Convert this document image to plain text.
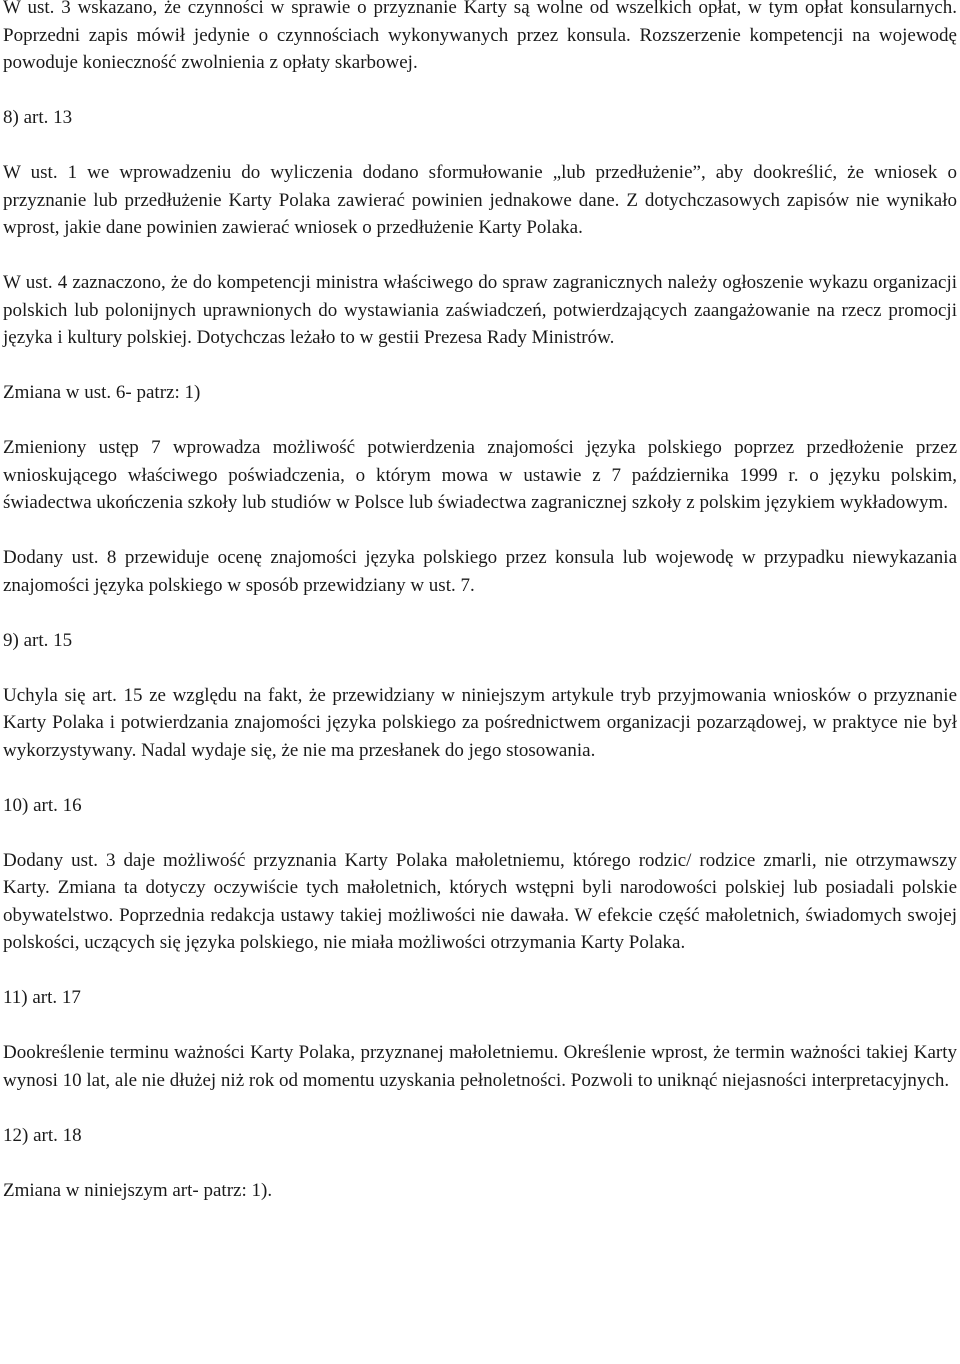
W ust. 3 wskazano, że czynności w sprawie o przyznanie Karty są wolne od wszelkich opłat, w tym opłat konsularnych. Poprzedni zapis mówił jedynie o czynnościach wykonywanych przez konsula. Rozszerzenie kompetencji na wojewodę powoduje konieczność zwolnienia z opłaty skarbowej.

8) art. 13

W ust. 1 we wprowadzeniu do wyliczenia dodano sformułowanie „lub przedłużenie”, aby dookreślić, że wniosek o przyznanie lub przedłużenie Karty Polaka zawierać powinien jednakowe dane. Z dotychczasowych zapisów nie wynikało wprost, jakie dane powinien zawierać wniosek o przedłużenie Karty Polaka.

W ust. 4 zaznaczono, że do kompetencji ministra właściwego do spraw zagranicznych należy ogłoszenie wykazu organizacji polskich lub polonijnych uprawnionych do wystawiania zaświadczeń, potwierdzających zaangażowanie na rzecz promocji języka i kultury polskiej. Dotychczas leżało to w gestii Prezesa Rady Ministrów.

Zmiana w ust. 6- patrz: 1)

Zmieniony ustęp 7 wprowadza możliwość potwierdzenia znajomości języka polskiego poprzez przedłożenie przez wnioskującego właściwego poświadczenia, o którym mowa w ustawie z 7 października 1999 r. o języku polskim, świadectwa ukończenia szkoły lub studiów w Polsce lub świadectwa zagranicznej szkoły z polskim językiem wykładowym.

Dodany ust. 8 przewiduje ocenę znajomości języka polskiego przez konsula lub wojewodę w przypadku niewykazania znajomości języka polskiego w sposób przewidziany w ust. 7.

9) art. 15

Uchyla się art. 15 ze względu na fakt, że przewidziany w niniejszym artykule tryb przyjmowania wniosków o przyznanie Karty Polaka i potwierdzania znajomości języka polskiego za pośrednictwem organizacji pozarządowej, w praktyce nie był wykorzystywany. Nadal wydaje się, że nie ma przesłanek do jego stosowania.

10) art. 16

Dodany ust. 3 daje możliwość przyznania Karty Polaka małoletniemu, którego rodzic/ rodzice zmarli, nie otrzymawszy Karty. Zmiana ta dotyczy oczywiście tych małoletnich, których wstępni byli narodowości polskiej lub posiadali polskie obywatelstwo. Poprzednia redakcja ustawy takiej możliwości nie dawała. W efekcie część małoletnich, świadomych swojej polskości, uczących się języka polskiego, nie miała możliwości otrzymania Karty Polaka.

11) art. 17

Dookreślenie terminu ważności Karty Polaka, przyznanej małoletniemu. Określenie wprost, że termin ważności takiej Karty wynosi 10 lat, ale nie dłużej niż rok od momentu uzyskania pełnoletności. Pozwoli to uniknąć niejasności interpretacyjnych.

12) art. 18

Zmiana w niniejszym art- patrz: 1).
